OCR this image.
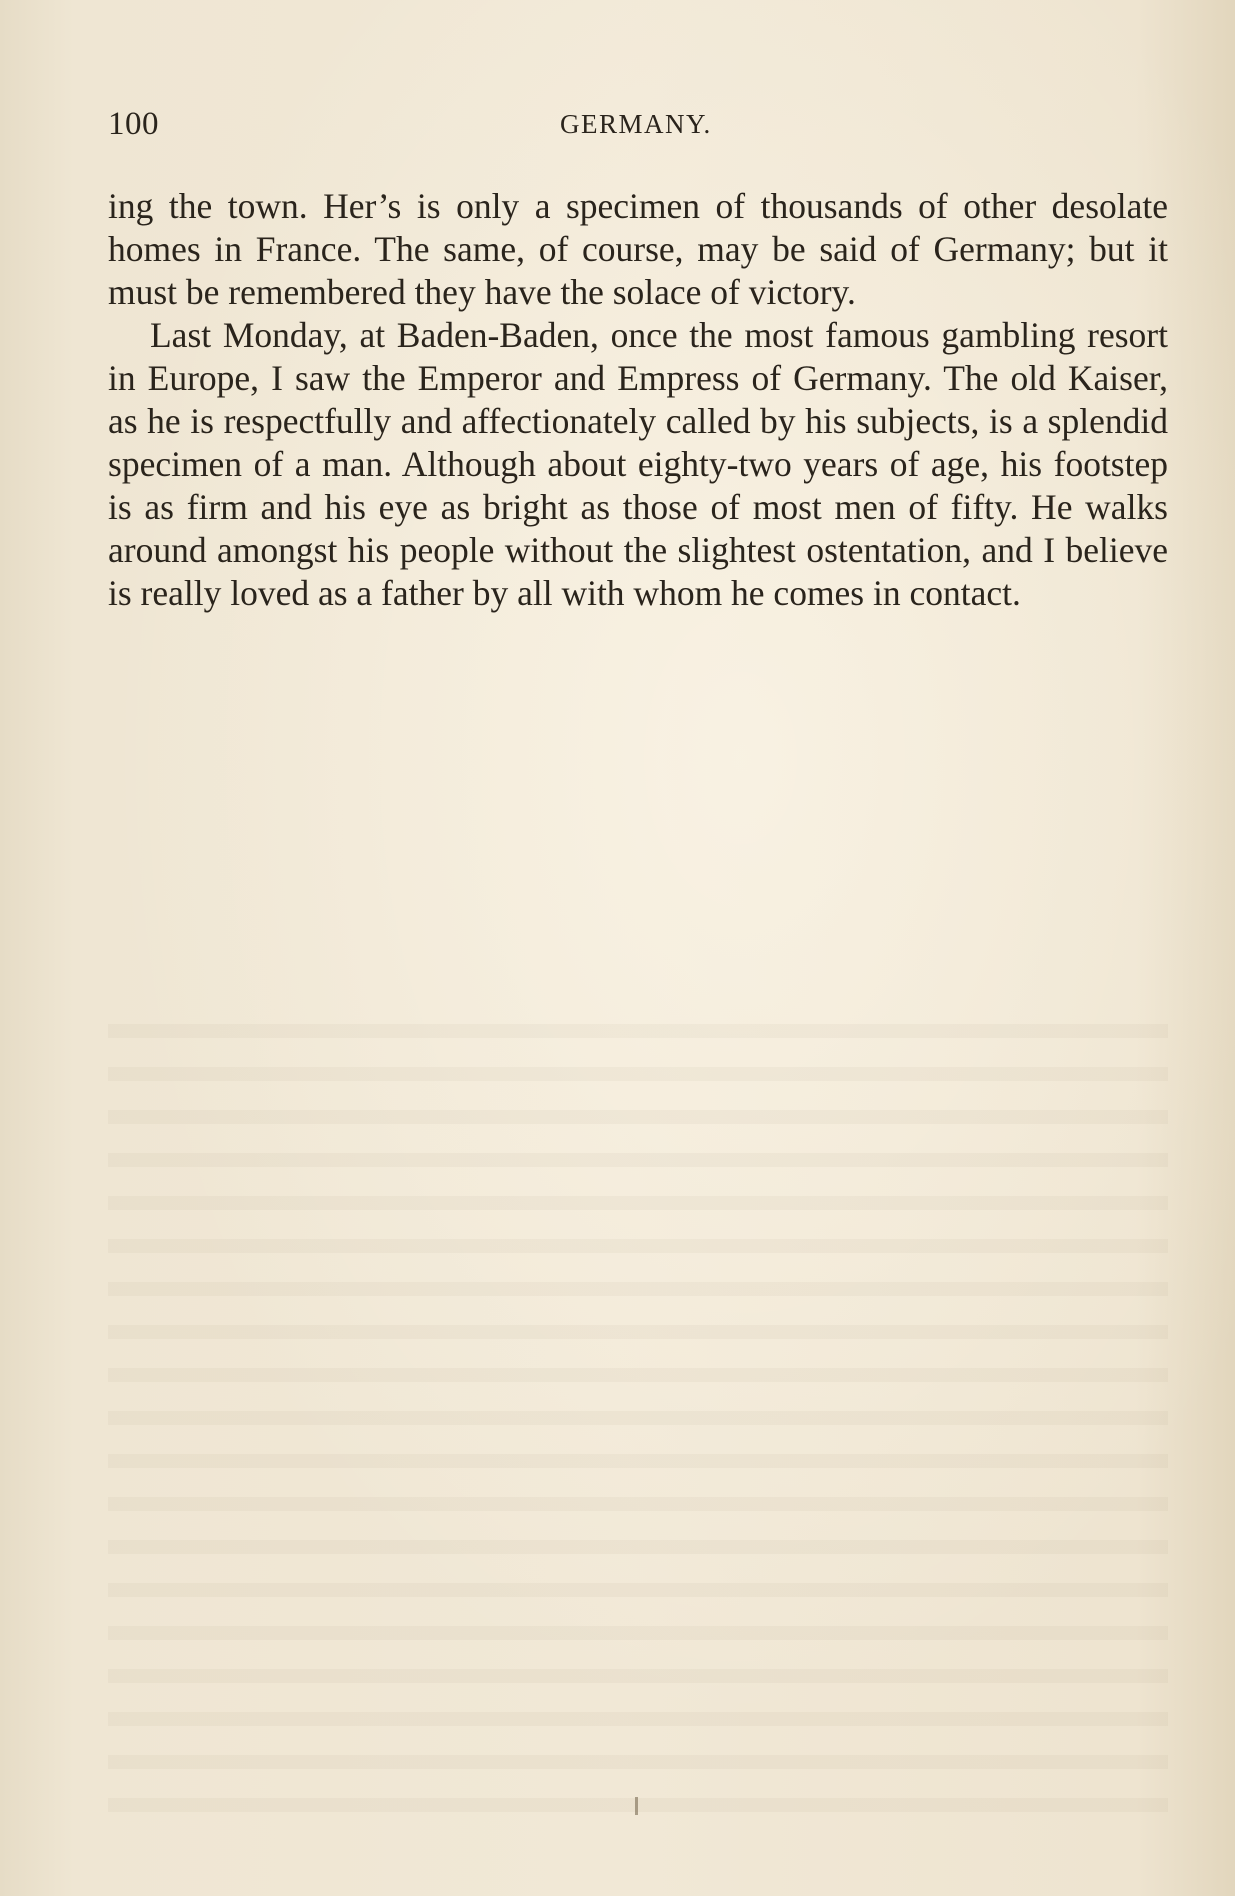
100	GERMANY.

ing the town. Her’s is only a specimen of thousands of other desolate homes in France. The same, of course, may be said of Germany; but it must be remembered they have the solace of victory.

Last Monday, at Baden-Baden, once the most famous gambling resort in Europe, I saw the Emperor and Empress of Germany. The old Kaiser, as he is respectfully and affectionately called by his subjects, is a splendid specimen of a man. Although about eighty-two years of age, his footstep is as firm and his eye as bright as those of most men of fifty. He walks around amongst his people without the slightest ostentation, and I believe is really loved as a father by all with whom he comes in contact.
